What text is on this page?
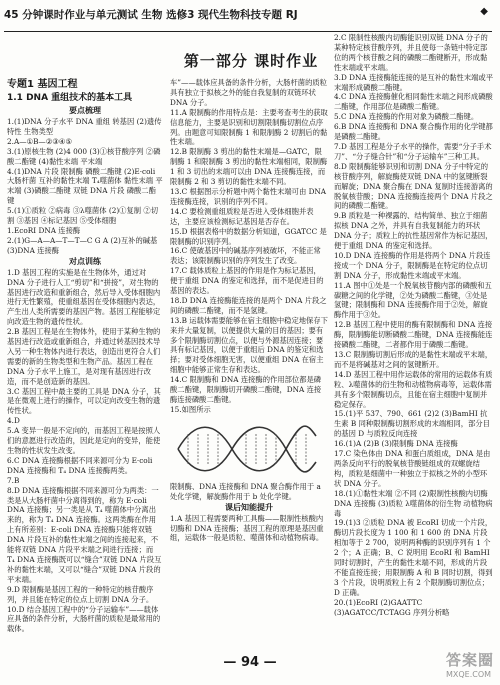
45 分钟课时作业与单元测试 生物 选修3 现代生物科技专题 RJ	◆
第一部分 课时作业

专题1 基因工程

1.1 DNA 重组技术的基本工具

要点梳理

1.(1)DNA 分子水平 DNA 重组 转基因 (2)遗传特性 生物类型

2.A—①B—②③④⑤

3.(1)原核生物 (2)4 000 (3)①核苷酸序列 ②磷酸二酯键 (4)黏性末端 平末端

4.(1)DNA 片段 限制酶 磷酸二酯键 (2)E·coli 大肠杆菌 互补的黏性末端 T₄噬菌体 黏性末端 平末端 (3)磷酸二酯键 双链 DNA 片段 磷酸二酯键

5.(1)①质粒 ②病毒 ③λ噬菌体 (2)①复制 ②切割 ③基因 ④标记基因 ⑤受体细胞

1.EcoRⅠ DNA 连接酶

2.(1)G—A—A—T—T—C G A (2)互补的碱基 (3)DNA 连接酶

对点训练

1.D 基因工程的实施是在生物体外，通过对 DNA 分子进行人工“剪切”和“拼接”，对生物的基因进行改造和重新组合，然后导入受体细胞内进行无性繁殖，使重组基因在受体细胞内表达，产生出人类所需要的基因产物。基因工程能够定向改造生物的遗传性状。

2.B 基因工程是在生物体外，使用于某种生物的基因进行改造或重新组合，并通过转基因技术导入另一种生物体内进行表达，创造出更符合人们需要的新的生物类型和生物产品。基因工程在 DNA 分子水平上施工，是对现有基因进行改造，而不是创造新的基因。

3.C 基因工程中最主要的工具是 DNA 分子，其是在微观上进行的操作，可以定向改变生物的遗传性状。

4.D

5.A 变异一般是不定向的，而基因工程是按照人们的意愿进行改造的，因此是定向的变异，能使生物的性状发生改变。

6.C DNA 连接酶根据不同来源可分为 E·coli DNA 连接酶和 T₄ DNA 连接酶两类。

7.B

8.D DNA 连接酶根据不同来源可分为两类：一类是从大肠杆菌中分离得到的，称为 E·coli DNA 连接酶；另一类是从 T₄ 噬菌体中分离出来的，称为 T₄ DNA 连接酶。这两类酶在作用上有所差别：E·coli DNA 连接酶只能将双链 DNA 片段互补的黏性末端之间的连接起来，不能将双链 DNA 片段平末端之间进行连接；而 T₄ DNA 连接酶既可以“缝合”双链 DNA 片段互补的黏性末端，又可以“缝合”双链 DNA 片段的平末端。

9.D 限制酶是基因工程的一种特定的核苷酸序列，并且能在特定的位点上切割 DNA 分子。

10.D 结合基因工程中的“分子运输车”——载体应具备的条件分析，大肠杆菌的质粒是最常用的载体。

车”——载体应具备的条件分析，大肠杆菌的质粒具有独立于拟核之外的能自我复制的双链环状 DNA 分子。

11.A 限制酶的作用特点是：主要考查考生的获取信息能力，主要是识别和切割限制酶切割位点序列。由题意可知限制酶 1 和限制酶 2 切割后的黏性末端。

12.B 限制酶 3 剪出的黏性末端是—GATC，限制酶 1 和限制酶 3 剪出的黏性末端相同，限制酶 1 和 3 切出的末端可以由 DNA 连接酶连接，而限制酶 2 和 3 剪切的黏性末端不同。

13.C 根据图示分析题中两个黏性末端可由 DNA 连接酶连接，识别的序列不同。

14.C 要检测重组质粒是否进入受体细胞并表达，主要应该检测标记基因是否存在。

15.D 根据表格中的数据分析知道，GGATCC 是限制酶的识别序列。

16.C 使破基因中的碱基序列被破坏，不能正常表达；该限制酶识别的序列发生了改变。

17.C 载体质粒上基因的作用是作为标记基因，便于重组 DNA 的鉴定和选择，而不是促进目的基因的表达。

18.D DNA 连接酶能连接的是两个 DNA 片段之间的磷酸二酯键，而不是氢键。

13.B 运载体需要能够在宿主细胞中稳定地保存下来并大量复制，以便提供大量的目的基因；要有多个限制酶切割位点，以便与外源基因连接；要具有标记基因，以便于重组后 DNA 的鉴定和选择；要对受体细胞无害，以便重组 DNA 在宿主细胞中能够正常生存和表达。

14.C 限制酶和 DNA 连接酶的作用部位都是磷酸二酯键，限制酶切开磷酸二酯键，DNA 连接酶连接磷酸二酯键。

15.如图所示

限制酶、DNA 连接酶和 DNA 聚合酶作用于 a 处化学键，解旋酶作用于 b 处化学键。

课后知能提升

1.A 基因工程需要两种工具酶——限制性核酸内切酶和 DNA 连接酶；基因工程的原理是基因重组，运载体一般是质粒、噬菌体和动植物病毒。

2.C 限制性核酸内切酶能识别双链 DNA 分子的某种特定核苷酸序列，并且使每一条链中特定部位的两个核苷酸之间的磷酸二酯键断开，形成黏性末端或平末端。

3.D DNA 连接酶能连接的是互补的黏性末端或平末端形成磷酸二酯键。

4.C DNA 连接酶催化相同黏性末端之间形成磷酸二酯键，作用部位是磷酸二酯键。

5.C DNA 连接酶的作用对象为磷酸二酯键。

6.B DNA 连接酶和 DNA 聚合酶作用的化学键都是磷酸二酯键。

7.D 基因工程是分子水平的操作，需要“分子手术刀”、“分子缝合针”和“分子运输车”三种工具。

8.D 限制酶能够识别和切割 DNA 分子中特定的核苷酸序列，解旋酶使双链 DNA 中的氢键断裂而解旋；DNA 聚合酶在 DNA 复制时连接游离的脱氧核苷酸；DNA 连接酶连接两个 DNA 片段之间的磷酸二酯键。

9.B 质粒是一种裸露的、结构简单、独立于细菌拟核 DNA 之外，并具有自我复制能力的环状 DNA 分子；质粒上的抗性基因常作为标记基因，便于重组 DNA 的鉴定和选择。

10.D DNA 连接酶的作用是将两个 DNA 片段连接成一个 DNA 分子，限制酶是在特定的位点切割 DNA 分子，形成黏性末端或平末端。

11.A 图中①处是一个脱氧核苷酸内部的磷酸和五碳糖之间的化学键，②处为磷酸二酯键，③处是氢键；限制酶和 DNA 连接酶作用于②处，解旋酶作用于③处。

12.B 基因工程中使用的酶有限制酶和 DNA 连接酶，限制酶能切断磷酸二酯键，DNA 连接酶能连接磷酸二酯键，二者都作用于磷酸二酯键。

13.C 限制酶切割后形成的是黏性末端或平末端，而不是将碱基对之间的氢键断开。

14.D 基因工程中用作运载体的常用的运载体有质粒、λ噬菌体的衍生物和动植物病毒等，运载体需具有多个限制酶切点，且能在宿主细胞中复制并稳定保存。

15.(1)平 537、790、661 (2)2 (3)BamHⅠ 抗生素 B 同种限制酶切割形成的末端相同，部分目的基因 D 与质粒反向连接

16.(1)A (2)B (3)限制酶 DNA 连接酶

17.C 染色体由 DNA 和蛋白质组成，DNA 是由两条反向平行的脱氧核苷酸链组成的双螺旋结构，质粒是细菌中一种独立于拟核之外的小型环状 DNA 分子。

18.(1)①黏性末端 ②不同 (2)限制性核酸内切酶 DNA 连接酶 (3)质粒 λ噬菌体的衍生物 动植物病毒

19.(1)3 ②质粒 DNA 被 EcoRⅠ 切成一个片段，酶切片段长度为 1 100 和 1 600 的 DNA 片段相加等于 2 700，说明两种酶的识别序列有 1 个 2 个；A 正确；B、C 说明用 EcoRⅠ 和 BamHⅠ 同时切割时，产生的黏性末端不同，形成的片段不能直接连接；用限制酶 A 和 B 同时切割，得到 3 个片段，说明质粒上有 2 个限制酶切割位点；D 正确。

20.(1)EcoRⅠ (2)GAATTC (3)AGATCC/TCTAGG 序列分析略

— 94 —	答案圈
MXQE.COM
